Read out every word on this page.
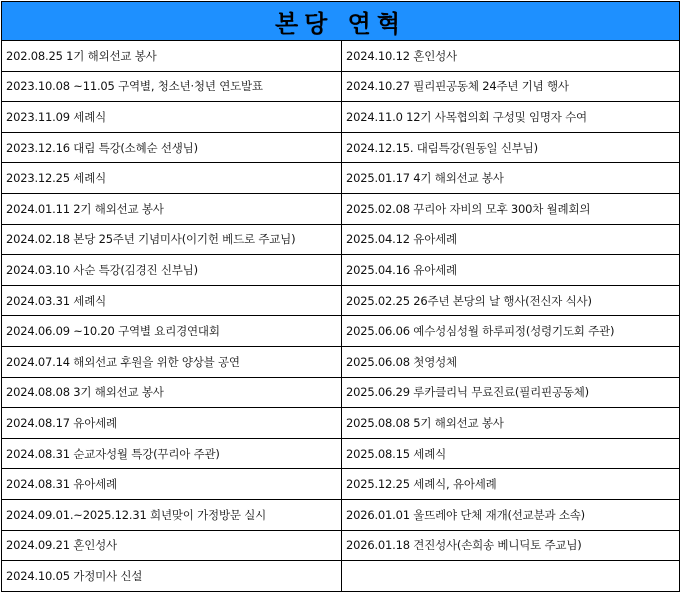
본당 연혁	
202.08.25 1기 해외선교 봉사	2024.10.12 혼인성사
2023.10.08 ~11.05 구역별, 청소년·청년 연도발표	2024.10.27 필리핀공동체 24주년 기념 행사
2023.11.09 세례식	2024.11.0 12기 사목협의회 구성및 임명자 수여
2023.12.16 대림 특강(소혜순 선생님)	2024.12.15. 대림특강(원동일 신부님)
2023.12.25 세례식	2025.01.17 4기 해외선교 봉사
2024.01.11 2기 해외선교 봉사	2025.02.08 꾸리아 자비의 모후 300차 월례회의
2024.02.18 본당 25주년 기념미사(이기헌 베드로 주교님)	2025.04.12 유아세례
2024.03.10 사순 특강(김경진 신부님)	2025.04.16 유아세례
2024.03.31 세례식	2025.02.25 26주년 본당의 날 행사(전신자 식사)
2024.06.09 ~10.20 구역별 요리경연대회	2025.06.06 예수성심성월 하루피정(성령기도회 주관)
2024.07.14 해외선교 후원을 위한 양상블 공연	2025.06.08 첫영성체
2024.08.08 3기 해외선교 봉사	2025.06.29 루카클리닉 무료진료(필리핀공동체)
2024.08.17 유아세례	2025.08.08 5기 해외선교 봉사
2024.08.31 순교자성월 특강(꾸리아 주관)	2025.08.15 세례식
2024.08.31 유아세례	2025.12.25 세례식, 유아세례
2024.09.01.~2025.12.31 희년맞이 가정방문 실시	2026.01.01 울뜨레야 단체 재개(선교분과 소속)
2024.09.21 혼인성사	2026.01.18 견진성사(손희송 베니딕토 주교님)
2024.10.05 가정미사 신설	
